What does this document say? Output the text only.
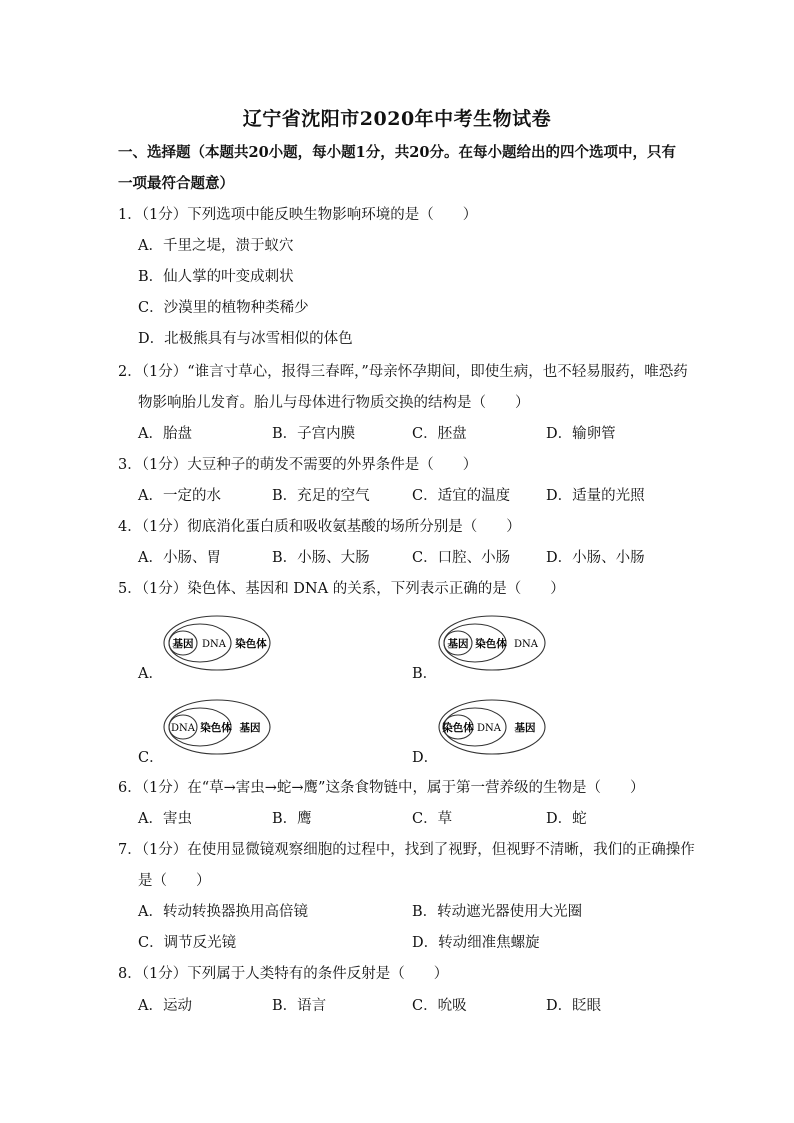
辽宁省沈阳市2020年中考生物试卷
一、选择题（本题共20小题，每小题1分，共20分。在每小题给出的四个选项中，只有
一项最符合题意）
1．（1分）下列选项中能反映生物影响环境的是（　　）
A．千里之堤，溃于蚁穴
B．仙人掌的叶变成刺状
C．沙漠里的植物种类稀少
D．北极熊具有与冰雪相似的体色
2．（1分）“谁言寸草心，报得三春晖，”母亲怀孕期间，即使生病，也不轻易服药，唯恐药
物影响胎儿发育。胎儿与母体进行物质交换的结构是（　　）
A．胎盘	B．子宫内膜	C．胚盘	D．输卵管
3．（1分）大豆种子的萌发不需要的外界条件是（　　）
A．一定的水	B．充足的空气	C．适宜的温度 D．适量的光照
4．（1分）彻底消化蛋白质和吸收氨基酸的场所分别是（　　）
A．小肠、胃	B．小肠、大肠	C．口腔、小肠 D．小肠、小肠
5．（1分）染色体、基因和 DNA 的关系，下列表示正确的是（　　）
A．
基因 DNA 染色体
B．
基因 染色体 DNA
C．
DNA 染色体 基因
D．
染色体 DNA 基因
6．（1分）在“草→害虫→蛇→鹰”这条食物链中，属于第一营养级的生物是（　　）
A．害虫	B．鹰	C．草	D．蛇
7．（1分）在使用显微镜观察细胞的过程中，找到了视野，但视野不清晰，我们的正确操作
是（　　）
A．转动转换器换用高倍镜	B．转动遮光器使用大光圈
C．调节反光镜	D．转动细准焦螺旋
8．（1分）下列属于人类特有的条件反射是（　　）
A．运动	B．语言	C．吮吸	D．眨眼
